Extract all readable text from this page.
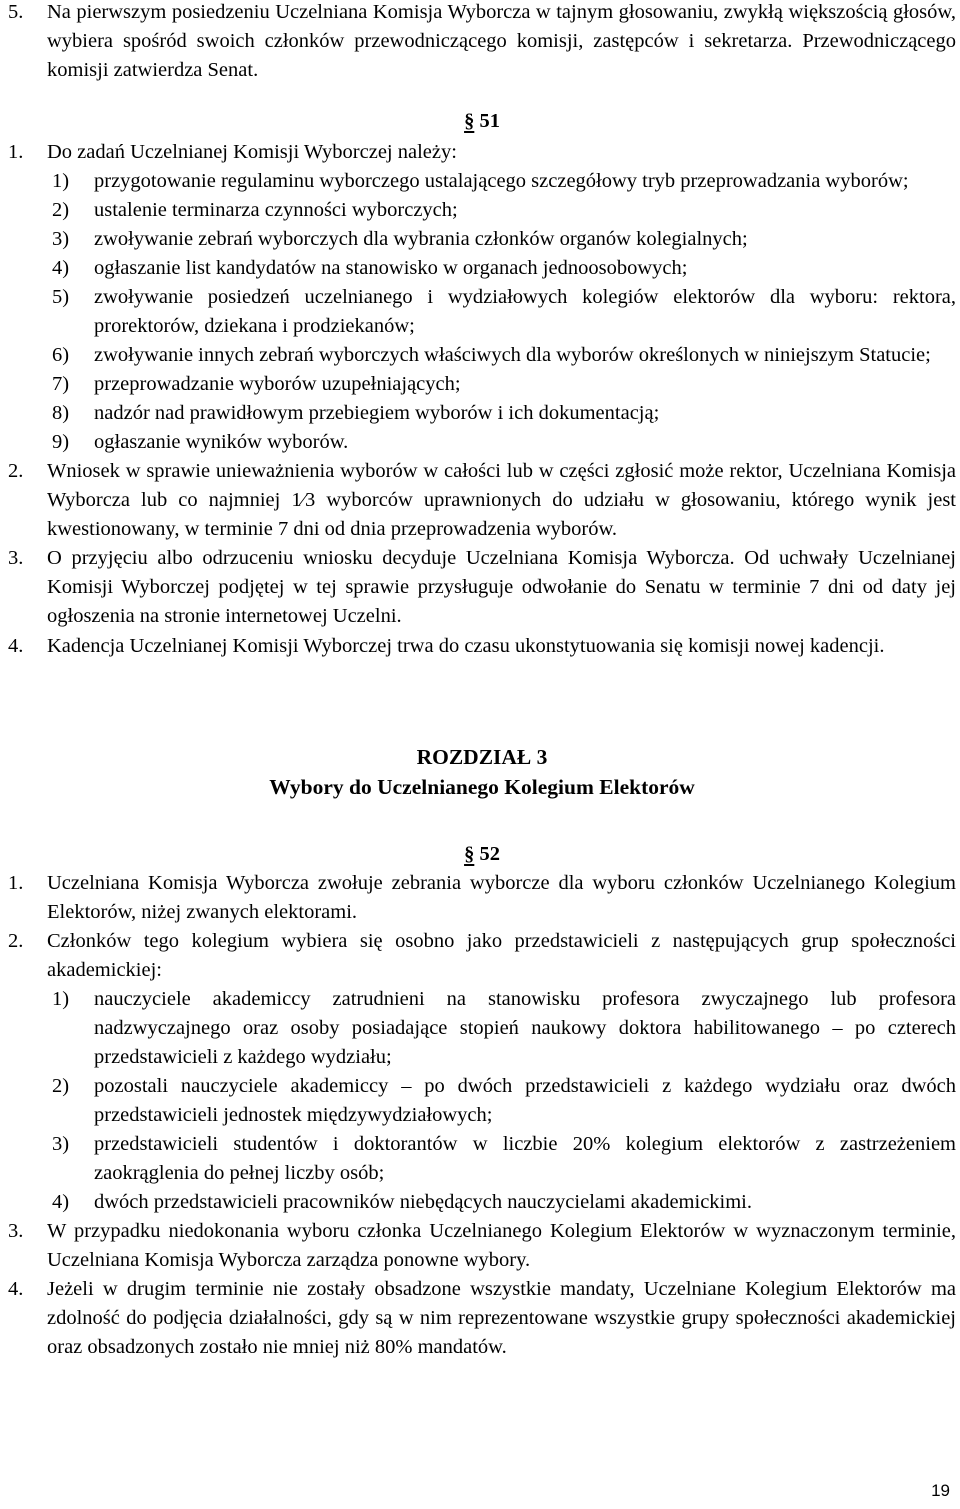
5. Na pierwszym posiedzeniu Uczelniana Komisja Wyborcza w tajnym głosowaniu, zwykłą większością głosów, wybiera spośród swoich członków przewodniczącego komisji, zastępców i sekretarza. Przewodniczącego komisji zatwierdza Senat.
§ 51
1. Do zadań Uczelnianej Komisji Wyborczej należy:
1) przygotowanie regulaminu wyborczego ustalającego szczegółowy tryb przeprowadzania wyborów;
2) ustalenie terminarza czynności wyborczych;
3) zwoływanie zebrań wyborczych dla wybrania członków organów kolegialnych;
4) ogłaszanie list kandydatów na stanowisko w organach jednoosobowych;
5) zwoływanie posiedzeń uczelnianego i wydziałowych kolegiów elektorów dla wyboru: rektora, prorektorów, dziekana i prodziekanów;
6) zwoływanie innych zebrań wyborczych właściwych dla wyborów określonych w niniejszym Statucie;
7) przeprowadzanie wyborów uzupełniających;
8) nadzór nad prawidłowym przebiegiem wyborów i ich dokumentacją;
9) ogłaszanie wyników wyborów.
2. Wniosek w sprawie unieważnienia wyborów w całości lub w części zgłosić może rektor, Uczelniana Komisja Wyborcza lub co najmniej 1⁄3 wyborców uprawnionych do udziału w głosowaniu, którego wynik jest kwestionowany, w terminie 7 dni od dnia przeprowadzenia wyborów.
3. O przyjęciu albo odrzuceniu wniosku decyduje Uczelniana Komisja Wyborcza. Od uchwały Uczelnianej Komisji Wyborczej podjętej w tej sprawie przysługuje odwołanie do Senatu w terminie 7 dni od daty jej ogłoszenia na stronie internetowej Uczelni.
4. Kadencja Uczelnianej Komisji Wyborczej trwa do czasu ukonstytuowania się komisji nowej kadencji.
ROZDZIAŁ 3
Wybory do Uczelnianego Kolegium Elektorów
§ 52
1. Uczelniana Komisja Wyborcza zwołuje zebrania wyborcze dla wyboru członków Uczelnianego Kolegium Elektorów, niżej zwanych elektorami.
2. Członków tego kolegium wybiera się osobno jako przedstawicieli z następujących grup społeczności akademickiej:
1) nauczyciele akademiccy zatrudnieni na stanowisku profesora zwyczajnego lub profesora nadzwyczajnego oraz osoby posiadające stopień naukowy doktora habilitowanego – po czterech przedstawicieli z każdego wydziału;
2) pozostali nauczyciele akademiccy – po dwóch przedstawicieli z każdego wydziału oraz dwóch przedstawicieli jednostek międzywydziałowych;
3) przedstawicieli studentów i doktorantów w liczbie 20% kolegium elektorów z zastrzeżeniem zaokrąglenia do pełnej liczby osób;
4) dwóch przedstawicieli pracowników niebędących nauczycielami akademickimi.
3. W przypadku niedokonania wyboru członka Uczelnianego Kolegium Elektorów w wyznaczonym terminie, Uczelniana Komisja Wyborcza zarządza ponowne wybory.
4. Jeżeli w drugim terminie nie zostały obsadzone wszystkie mandaty, Uczelniane Kolegium Elektorów ma zdolność do podjęcia działalności, gdy są w nim reprezentowane wszystkie grupy społeczności akademickiej oraz obsadzonych zostało nie mniej niż 80% mandatów.
19
